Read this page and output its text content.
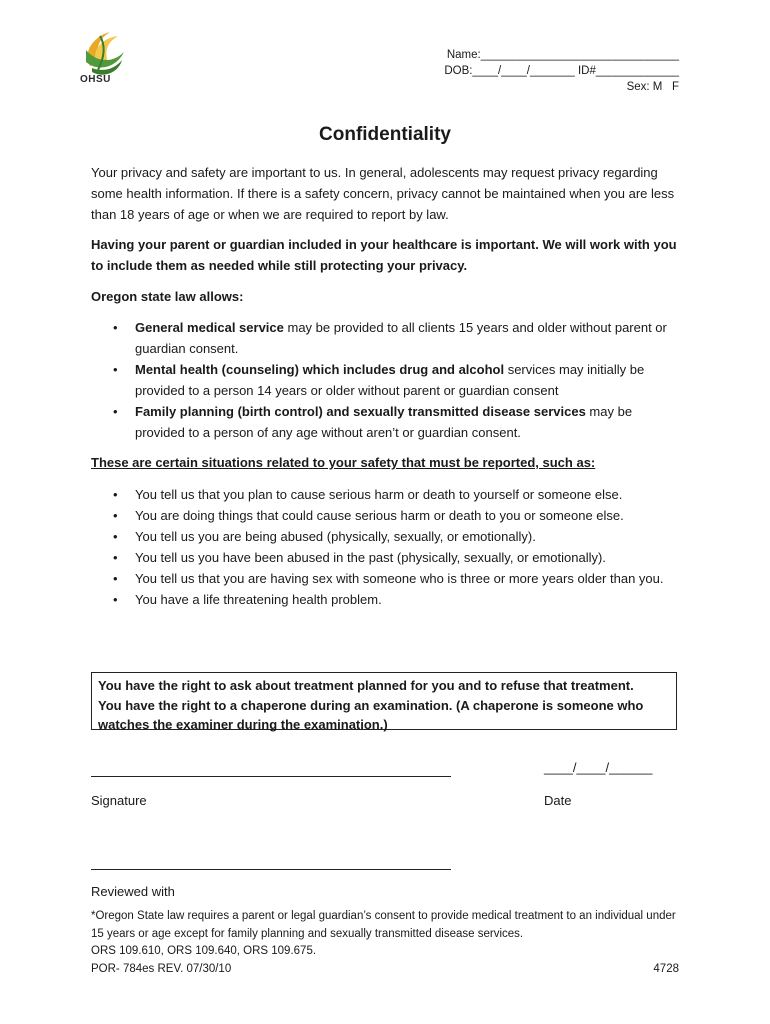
OHSU
Name:_______________________________
DOB:____/____/_______ ID#_____________
Sex: M   F
Confidentiality
Your privacy and safety are important to us. In general, adolescents may request privacy regarding some health information. If there is a safety concern, privacy cannot be maintained when you are less than 18 years of age or when we are required to report by law.
Having your parent or guardian included in your healthcare is important. We will work with you to include them as needed while still protecting your privacy.
Oregon state law allows:
• General medical service may be provided to all clients 15 years and older without parent or guardian consent.
• Mental health (counseling) which includes drug and alcohol services may initially be provided to a person 14 years or older without parent or guardian consent
• Family planning (birth control) and sexually transmitted disease services may be provided to a person of any age without aren’t or guardian consent.
These are certain situations related to your safety that must be reported, such as:
• You tell us that you plan to cause serious harm or death to yourself or someone else.
• You are doing things that could cause serious harm or death to you or someone else.
• You tell us you are being abused (physically, sexually, or emotionally).
• You tell us you have been abused in the past (physically, sexually, or emotionally).
• You tell us that you are having sex with someone who is three or more years older than you.
• You have a life threatening health problem.
You have the right to ask about treatment planned for you and to refuse that treatment.
You have the right to a chaperone during an examination. (A chaperone is someone who watches the examiner during the examination.)
____/____/______
Signature	Date
Reviewed with
*Oregon State law requires a parent or legal guardian’s consent to provide medical treatment to an individual under 15 years or age except for family planning and sexually transmitted disease services.
ORS 109.610, ORS 109.640, ORS 109.675.
POR- 784es REV. 07/30/10	4728
